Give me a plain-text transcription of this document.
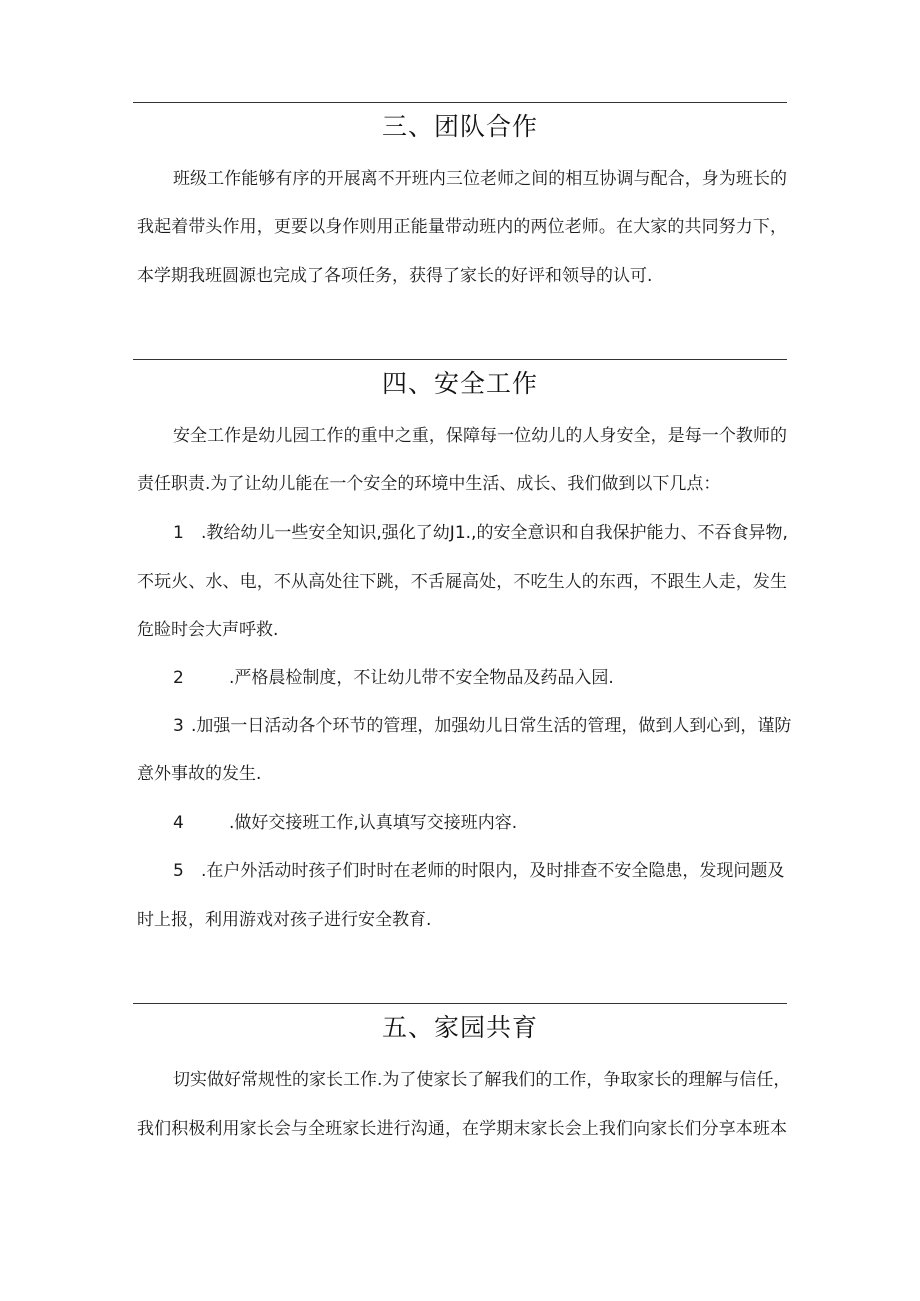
三、团队合作
班级工作能够有序的开展离不开班内三位老师之间的相互协调与配合，身为班长的
我起着带头作用，更要以身作则用正能量带动班内的两位老师。在大家的共同努力下，
本学期我班圆源也完成了各项任务，获得了家长的好评和领导的认可.
四、安全工作
安全工作是幼儿园工作的重中之重，保障每一位幼儿的人身安全，是每一个教师的
责任职责.为了让幼儿能在一个安全的环境中生活、成长、我们做到以下几点：
1 .教给幼儿一些安全知识,强化了幼J1.,的安全意识和自我保护能力、不吞食异物,
不玩火、水、电，不从高处往下跳，不舌屣高处，不吃生人的东西，不跟生人走，发生
危睑时会大声呼救.
2	.严格晨检制度，不让幼儿带不安全物品及药品入园.
3 .加强一日活动各个环节的管理，加强幼儿日常生活的管理，做到人到心到，谨防
意外事故的发生.
4	.做好交接班工作,认真填写交接班内容.
5 .在户外活动时孩子们时时在老师的时限内，及时排查不安全隐患，发现问题及
时上报，利用游戏对孩子进行安全教育.
五、家园共育
切实做好常规性的家长工作.为了使家长了解我们的工作，争取家长的理解与信任，
我们积极利用家长会与全班家长进行沟通，在学期末家长会上我们向家长们分享本班本
